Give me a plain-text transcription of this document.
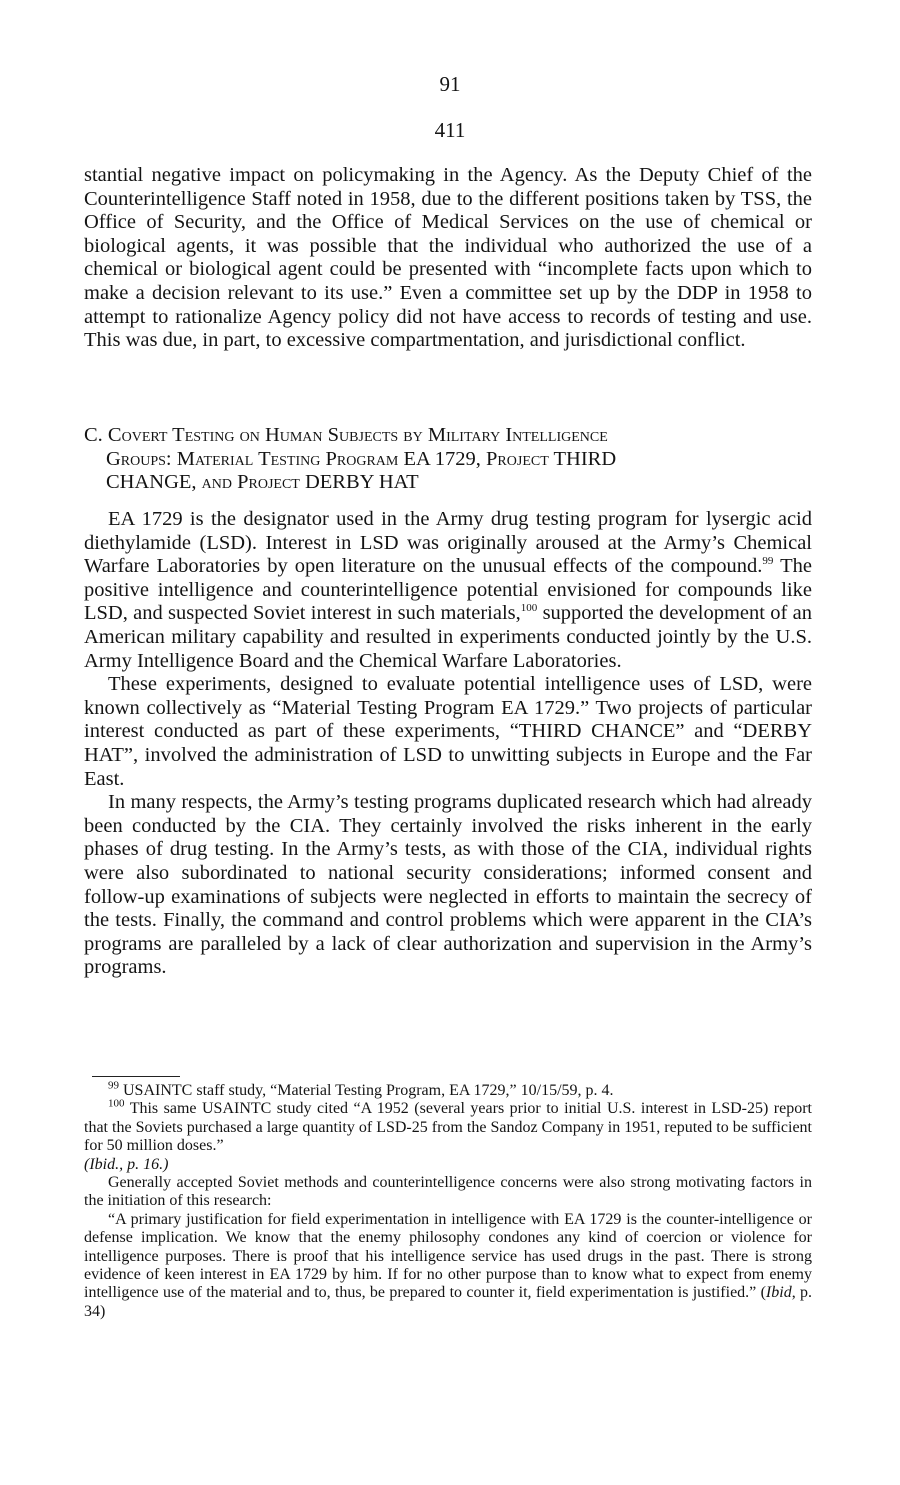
91
411

stantial negative impact on policymaking in the Agency. As the Deputy Chief of the Counterintelligence Staff noted in 1958, due to the different positions taken by TSS, the Office of Security, and the Office of Medical Services on the use of chemical or biological agents, it was possible that the individual who authorized the use of a chemical or biological agent could be presented with “incomplete facts upon which to make a decision relevant to its use.” Even a committee set up by the DDP in 1958 to attempt to rationalize Agency policy did not have access to records of testing and use. This was due, in part, to excessive compartmentation, and jurisdictional conflict.

C. Covert Testing on Human Subjects by Military Intelligence
Groups: Material Testing Program EA 1729, Project THIRD
CHANGE, and Project DERBY HAT

EA 1729 is the designator used in the Army drug testing program for lysergic acid diethylamide (LSD). Interest in LSD was originally aroused at the Army’s Chemical Warfare Laboratories by open literature on the unusual effects of the compound.$^{99}$ The positive intelligence and counterintelligence potential envisioned for compounds like LSD, and suspected Soviet interest in such materials,$^{100}$ supported the development of an American military capability and resulted in experiments conducted jointly by the U.S. Army Intelligence Board and the Chemical Warfare Laboratories.

These experiments, designed to evaluate potential intelligence uses of LSD, were known collectively as “Material Testing Program EA 1729.” Two projects of particular interest conducted as part of these experiments, “THIRD CHANCE” and “DERBY HAT”, involved the administration of LSD to unwitting subjects in Europe and the Far East.

In many respects, the Army’s testing programs duplicated research which had already been conducted by the CIA. They certainly involved the risks inherent in the early phases of drug testing. In the Army’s tests, as with those of the CIA, individual rights were also subordinated to national security considerations; informed consent and follow-up examinations of subjects were neglected in efforts to maintain the secrecy of the tests. Finally, the command and control problems which were apparent in the CIA’s programs are paralleled by a lack of clear authorization and supervision in the Army’s programs.

$^{99}$ USAINTC staff study, “Material Testing Program, EA 1729,” 10/15/59, p. 4.

$^{100}$ This same USAINTC study cited “A 1952 (several years prior to initial U.S. interest in LSD-25) report that the Soviets purchased a large quantity of LSD-25 from the Sandoz Company in 1951, reputed to be sufficient for 50 million doses.”

(Ibid., p. 16.)

Generally accepted Soviet methods and counterintelligence concerns were also strong motivating factors in the initiation of this research:

“A primary justification for field experimentation in intelligence with EA 1729 is the counter-intelligence or defense implication. We know that the enemy philosophy condones any kind of coercion or violence for intelligence purposes. There is proof that his intelligence service has used drugs in the past. There is strong evidence of keen interest in EA 1729 by him. If for no other purpose than to know what to expect from enemy intelligence use of the material and to, thus, be prepared to counter it, field experimentation is justified.” (Ibid, p. 34)
